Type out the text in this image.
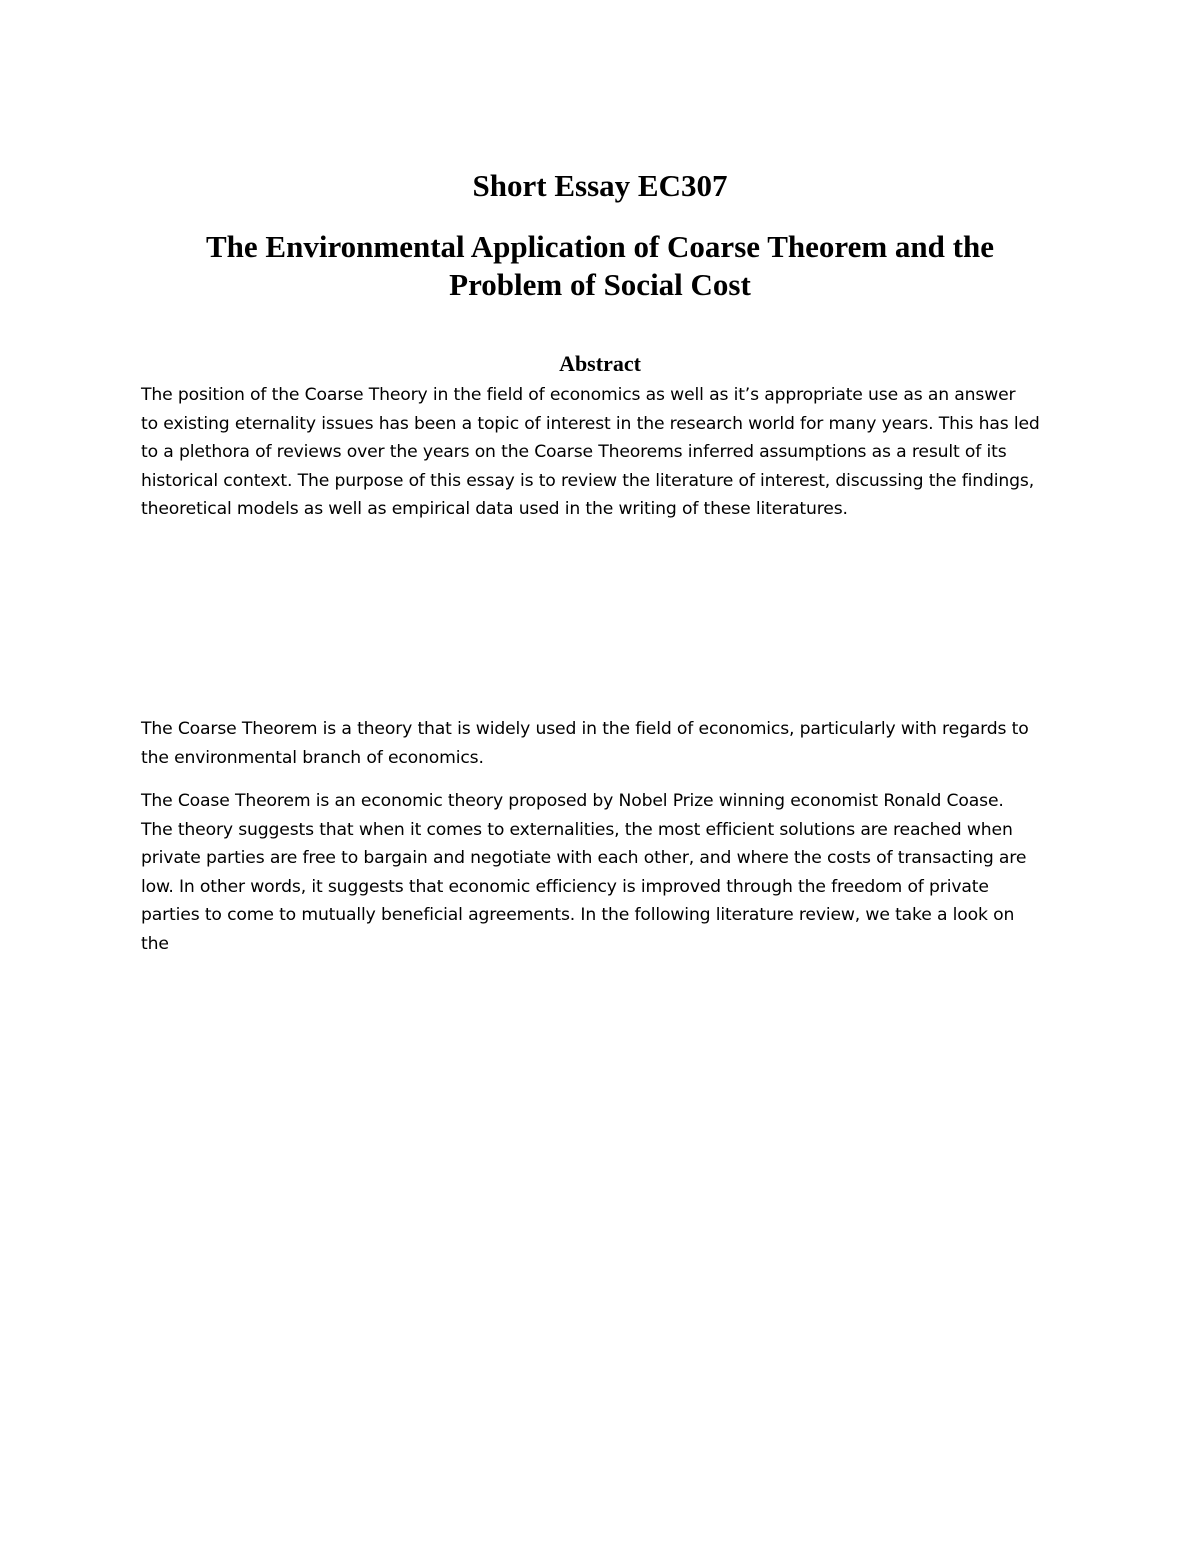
Short Essay EC307
The Environmental Application of Coarse Theorem and the
Problem of Social Cost
Abstract

The position of the Coarse Theory in the field of economics as well as it’s appropriate use as an answer
to existing eternality issues has been a topic of interest in the research world for many years. This has led
to a plethora of reviews over the years on the Coarse Theorems inferred assumptions as a result of its
historical context. The purpose of this essay is to review the literature of interest, discussing the findings,
theoretical models as well as empirical data used in the writing of these literatures.

The Coarse Theorem is a theory that is widely used in the field of economics, particularly with regards to
the environmental branch of economics.

The Coase Theorem is an economic theory proposed by Nobel Prize winning economist Ronald Coase.
The theory suggests that when it comes to externalities, the most efficient solutions are reached when
private parties are free to bargain and negotiate with each other, and where the costs of transacting are
low. In other words, it suggests that economic efficiency is improved through the freedom of private
parties to come to mutually beneficial agreements. In the following literature review, we take a look on
the
